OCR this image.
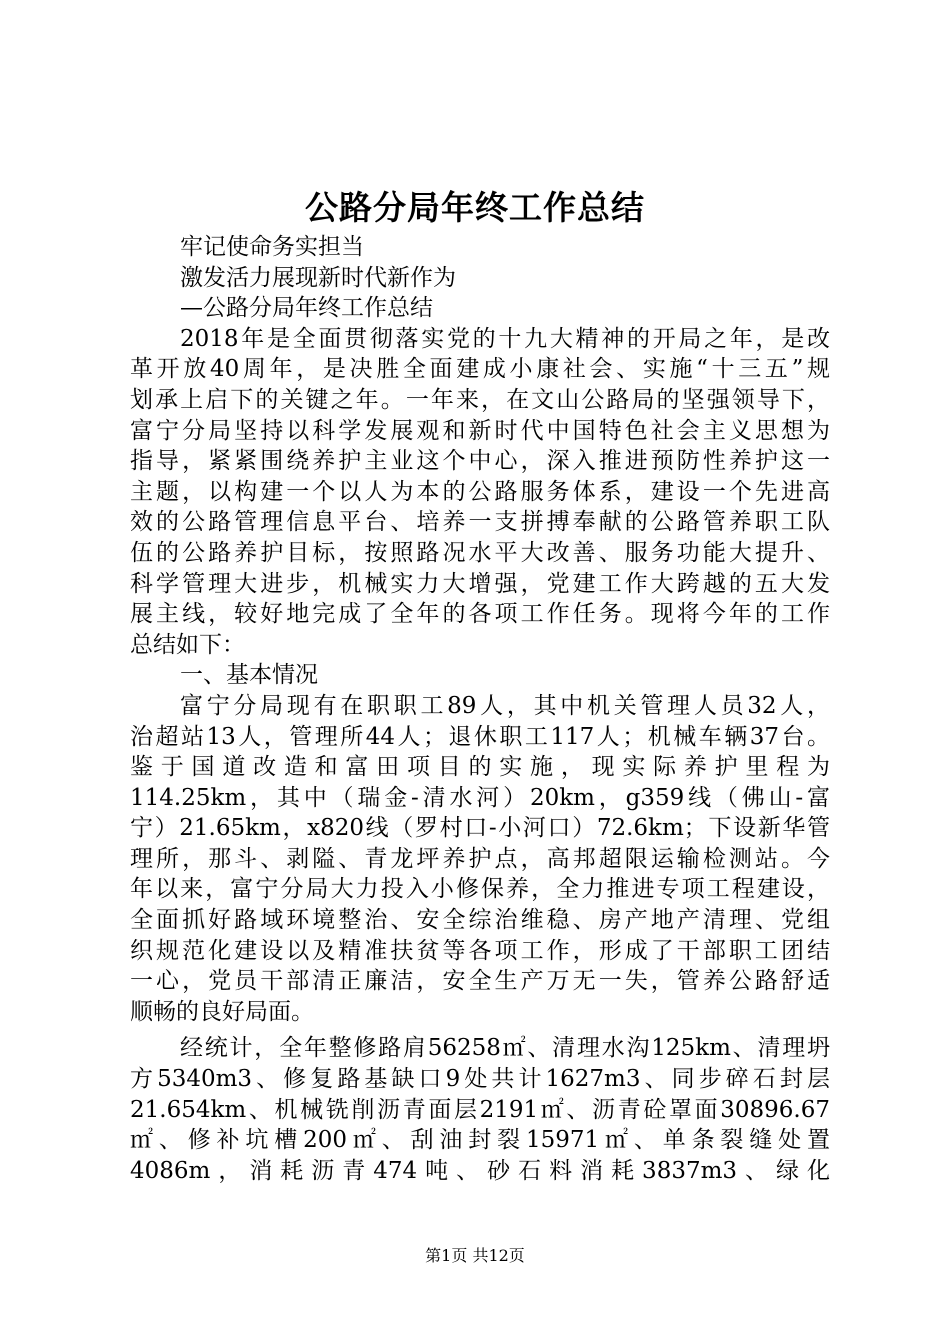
公路分局年终工作总结
牢记使命务实担当
激发活力展现新时代新作为
—公路分局年终工作总结
2018年是全面贯彻落实党的十九大精神的开局之年，是改
革开放40周年，是决胜全面建成小康社会、实施“十三五”规
划承上启下的关键之年。一年来，在文山公路局的坚强领导下，
富宁分局坚持以科学发展观和新时代中国特色社会主义思想为
指导，紧紧围绕养护主业这个中心，深入推进预防性养护这一
主题，以构建一个以人为本的公路服务体系，建设一个先进高
效的公路管理信息平台、培养一支拼搏奉献的公路管养职工队
伍的公路养护目标，按照路况水平大改善、服务功能大提升、
科学管理大进步，机械实力大增强，党建工作大跨越的五大发
展主线，较好地完成了全年的各项工作任务。现将今年的工作
总结如下：
一、基本情况
富宁分局现有在职职工89人，其中机关管理人员32人，
治超站13人，管理所44人；退休职工117人；机械车辆37台。
鉴于国道改造和富田项目的实施，现实际养护里程为
114.25km，其中（瑞金-清水河）20km，g359线（佛山-富
宁）21.65km，x820线（罗村口-小河口）72.6km；下设新华管
理所，那斗、剥隘、青龙坪养护点，高邦超限运输检测站。今
年以来，富宁分局大力投入小修保养，全力推进专项工程建设，
全面抓好路域环境整治、安全综治维稳、房产地产清理、党组
织规范化建设以及精准扶贫等各项工作，形成了干部职工团结
一心，党员干部清正廉洁，安全生产万无一失，管养公路舒适
顺畅的良好局面。
经统计，全年整修路肩56258㎡、清理水沟125km、清理坍
方5340m3、修复路基缺口9处共计1627m3、同步碎石封层
21.654km、机械铣削沥青面层2191㎡、沥青砼罩面30896.67
㎡、修补坑槽200㎡、刮油封裂15971㎡、单条裂缝处置
4086m，消耗沥青474吨、砂石料消耗3837m3、绿化
第1页 共12页
